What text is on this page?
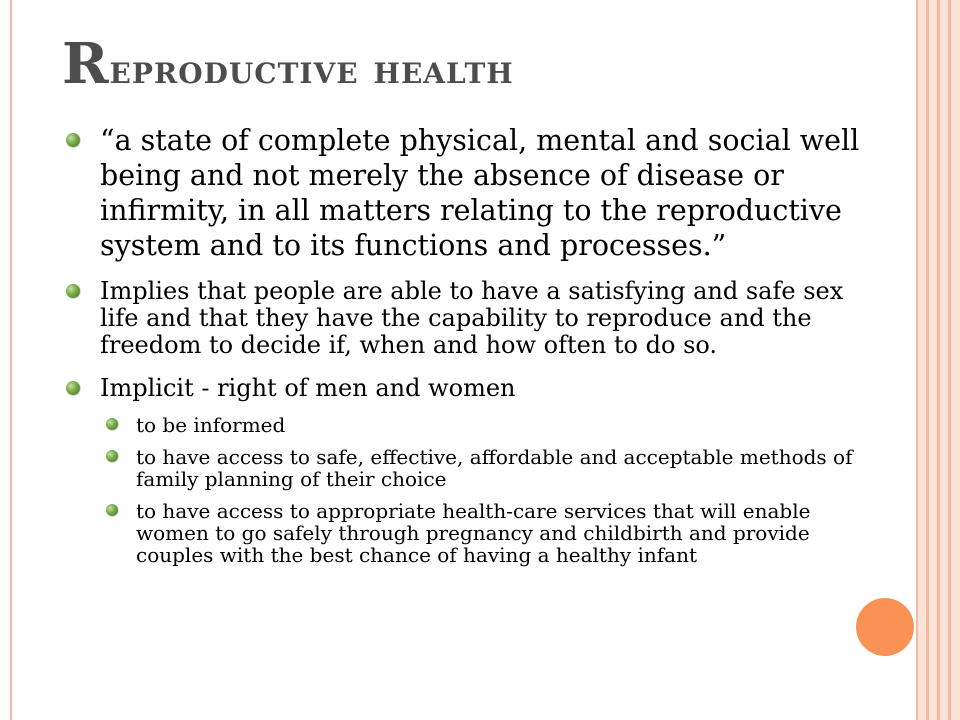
Reproductive health
“a state of complete physical, mental and social well being and not merely the absence of disease or infirmity, in all matters relating to the reproductive system and to its functions and processes.”
Implies that people are able to have a satisfying and safe sex life and that they have the capability to reproduce and the freedom to decide if, when and how often to do so.
Implicit - right of men and women
to be informed
to have access to safe, effective, affordable and acceptable methods of family planning of their choice
to have access to appropriate health-care services that will enable women to go safely through pregnancy and childbirth and provide couples with the best chance of having a healthy infant
